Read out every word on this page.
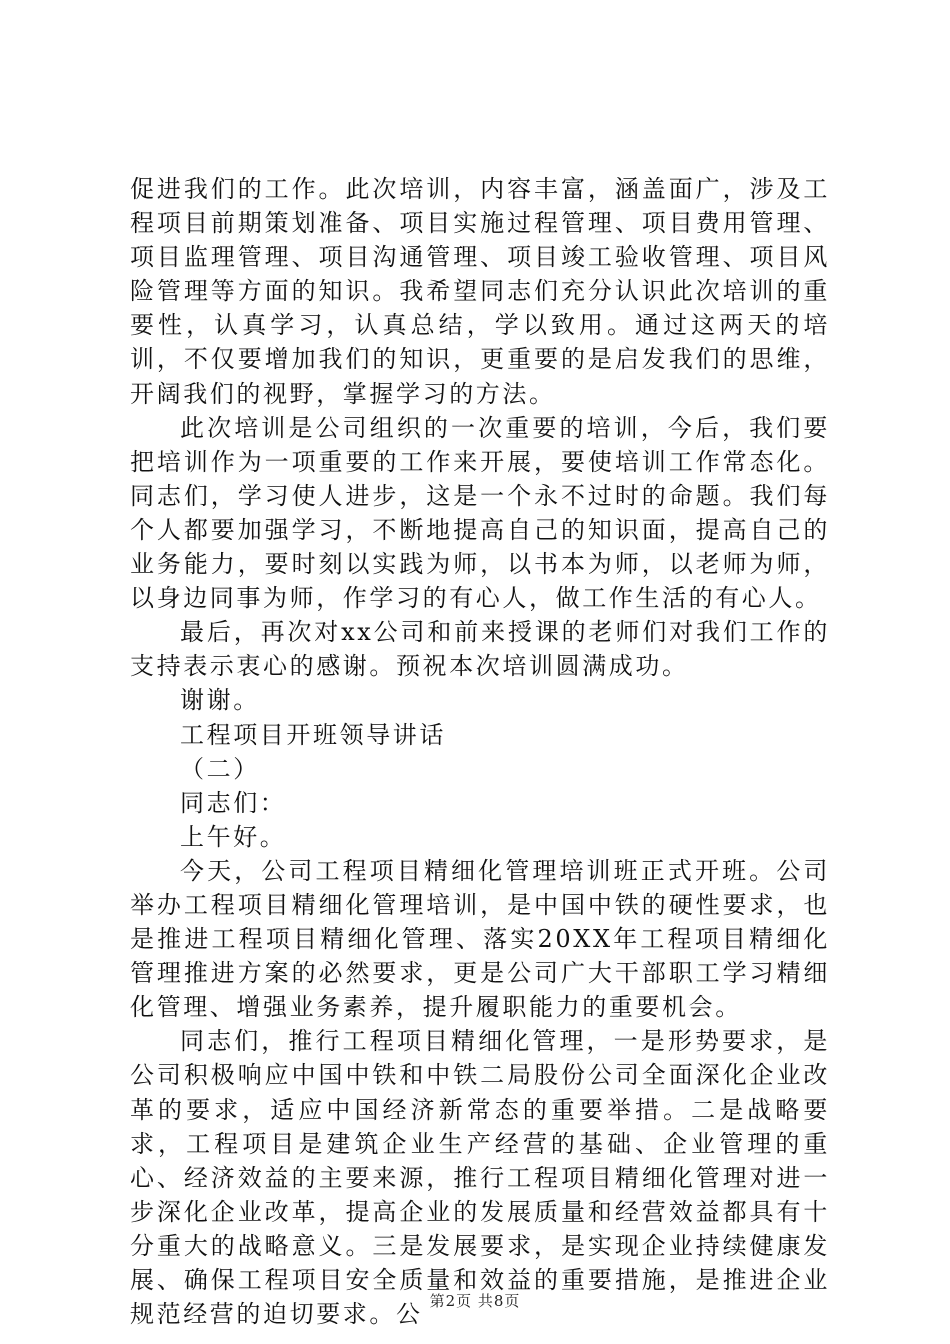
促进我们的工作。此次培训，内容丰富，涵盖面广，涉及工程项目前期策划准备、项目实施过程管理、项目费用管理、项目监理管理、项目沟通管理、项目竣工验收管理、项目风险管理等方面的知识。我希望同志们充分认识此次培训的重要性，认真学习，认真总结，学以致用。通过这两天的培训，不仅要增加我们的知识，更重要的是启发我们的思维，开阔我们的视野，掌握学习的方法。

此次培训是公司组织的一次重要的培训，今后，我们要把培训作为一项重要的工作来开展，要使培训工作常态化。同志们，学习使人进步，这是一个永不过时的命题。我们每个人都要加强学习，不断地提高自己的知识面，提高自己的业务能力，要时刻以实践为师，以书本为师，以老师为师，以身边同事为师，作学习的有心人，做工作生活的有心人。

最后，再次对xx公司和前来授课的老师们对我们工作的支持表示衷心的感谢。预祝本次培训圆满成功。

谢谢。

工程项目开班领导讲话

（二）

同志们：

上午好。

今天，公司工程项目精细化管理培训班正式开班。公司举办工程项目精细化管理培训，是中国中铁的硬性要求，也是推进工程项目精细化管理、落实20XX年工程项目精细化管理推进方案的必然要求，更是公司广大干部职工学习精细化管理、增强业务素养，提升履职能力的重要机会。

同志们，推行工程项目精细化管理，一是形势要求，是公司积极响应中国中铁和中铁二局股份公司全面深化企业改革的要求，适应中国经济新常态的重要举措。二是战略要求，工程项目是建筑企业生产经营的基础、企业管理的重心、经济效益的主要来源，推行工程项目精细化管理对进一步深化企业改革，提高企业的发展质量和经营效益都具有十分重大的战略意义。三是发展要求，是实现企业持续健康发展、确保工程项目安全质量和效益的重要措施，是推进企业规范经营的迫切要求。公 第2页 共8页
